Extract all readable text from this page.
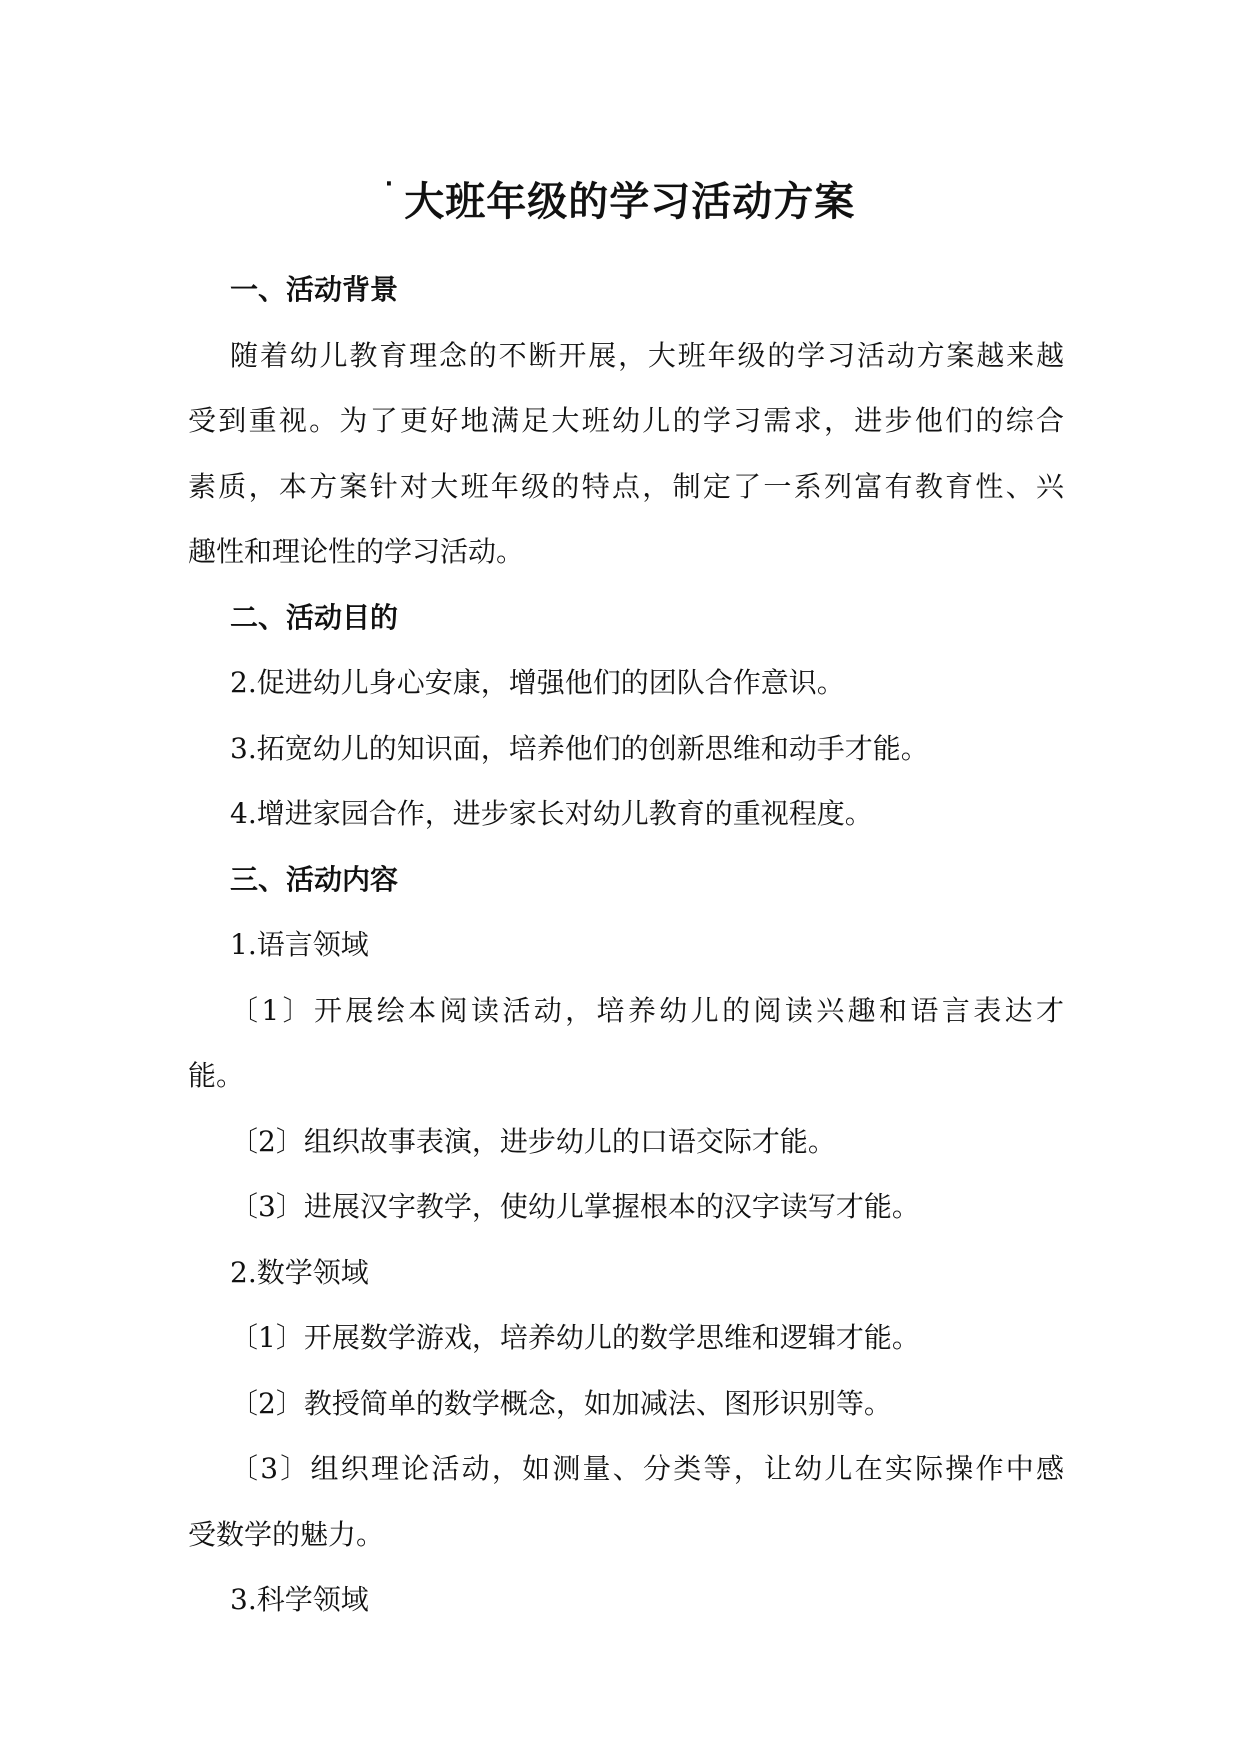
· 大班年级的学习活动方案
一、活动背景
随着幼儿教育理念的不断开展，大班年级的学习活动方案越来越
受到重视。为了更好地满足大班幼儿的学习需求，进步他们的综合
素质，本方案针对大班年级的特点，制定了一系列富有教育性、兴
趣性和理论性的学习活动。
二、活动目的
2.促进幼儿身心安康，增强他们的团队合作意识。
3.拓宽幼儿的知识面，培养他们的创新思维和动手才能。
4.增进家园合作，进步家长对幼儿教育的重视程度。
三、活动内容
1.语言领域
〔1〕开展绘本阅读活动，培养幼儿的阅读兴趣和语言表达才
能。
〔2〕组织故事表演，进步幼儿的口语交际才能。
〔3〕进展汉字教学，使幼儿掌握根本的汉字读写才能。
2.数学领域
〔1〕开展数学游戏，培养幼儿的数学思维和逻辑才能。
〔2〕教授简单的数学概念，如加减法、图形识别等。
〔3〕组织理论活动，如测量、分类等，让幼儿在实际操作中感
受数学的魅力。
3.科学领域
